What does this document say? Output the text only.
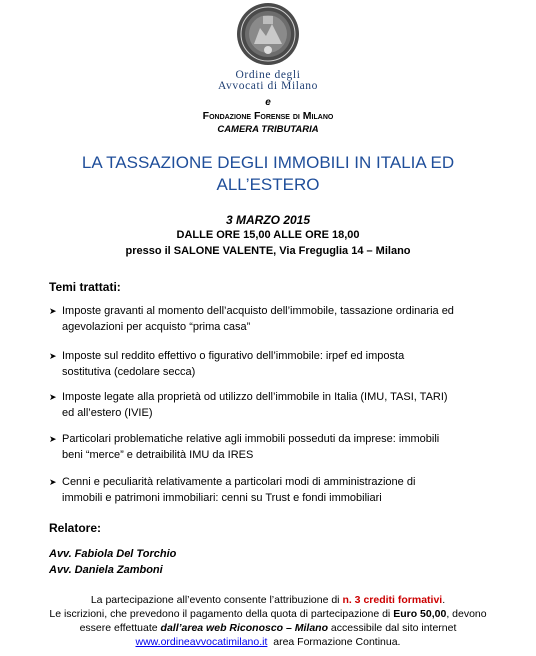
Ordine degli
Avvocati di Milano
e
Fondazione Forense di Milano
CAMERA TRIBUTARIA
LA TASSAZIONE DEGLI IMMOBILI IN ITALIA ED
ALL’ESTERO
3 MARZO 2015
DALLE ORE 15,00 ALLE ORE 18,00
presso il SALONE VALENTE, Via Freguglia 14 – Milano
Temi trattati:
➤ Imposte gravanti al momento dell’acquisto dell’immobile, tassazione ordinaria ed
agevolazioni per acquisto “prima casa”
➤ Imposte sul reddito effettivo o figurativo dell’immobile: irpef ed imposta
sostitutiva (cedolare secca)
➤ Imposte legate alla proprietà od utilizzo dell’immobile in Italia (IMU, TASI, TARI)
ed all’estero (IVIE)
➤ Particolari problematiche relative agli immobili posseduti da imprese: immobili
beni “merce” e detraibilità IMU da IRES
➤ Cenni e peculiarità relativamente a particolari modi di amministrazione di
immobili e patrimoni immobiliari: cenni su Trust e fondi immobiliari
Relatore:
Avv. Fabiola Del Torchio
Avv. Daniela Zamboni
La partecipazione all’evento consente l’attribuzione di n. 3 crediti formativi.
Le iscrizioni, che prevedono il pagamento della quota di partecipazione di Euro 50,00, devono
essere effettuate dall’area web Riconosco – Milano accessibile dal sito internet
www.ordineavvocatimilano.it  area Formazione Continua.
